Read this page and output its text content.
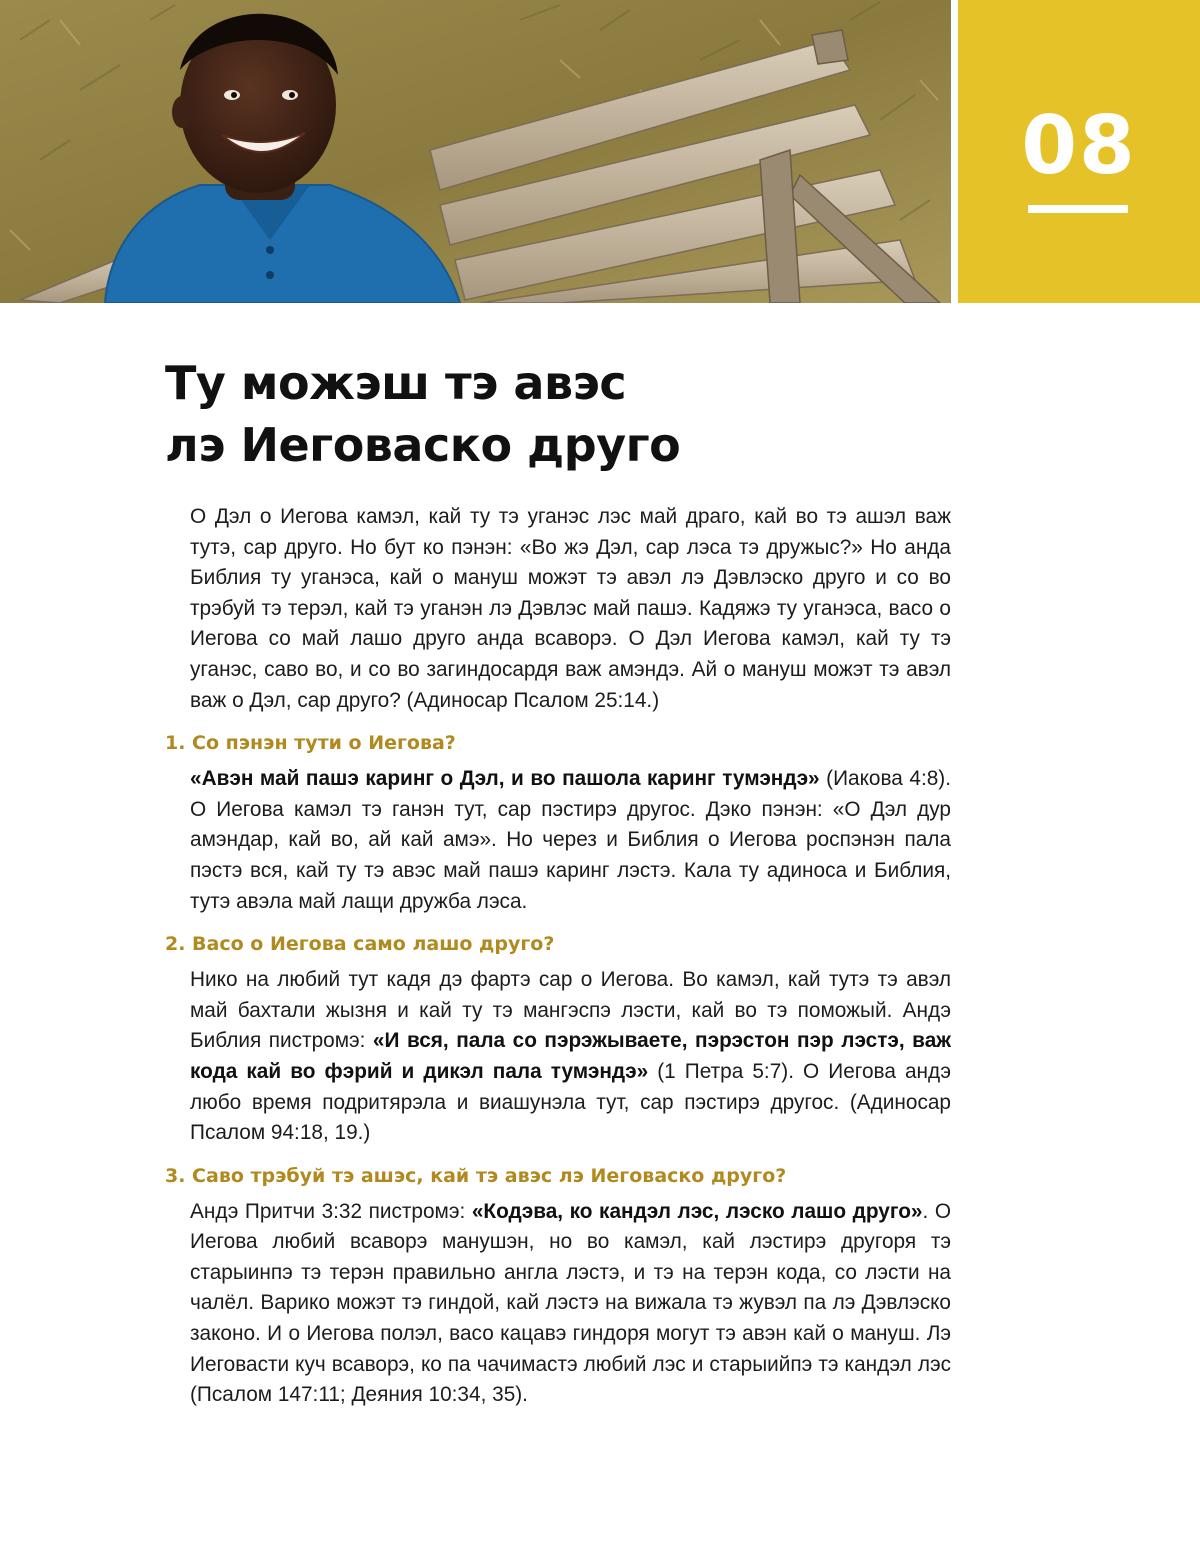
08
Ту можэш тэ авэс
лэ Иеговаско друго

О Дэл о Иегова камэл, кай ту тэ уганэс лэс май драго, кай во тэ ашэл важ тутэ, сар друго. Но бут ко пэнэн: «Во жэ Дэл, сар лэса тэ дружыс?» Но анда Библия ту уганэса, кай о мануш можэт тэ авэл лэ Дэвлэско друго и со во трэбуй тэ терэл, кай тэ уганэн лэ Дэвлэс май пашэ. Кадяжэ ту уганэса, васо о Иегова со май лашо друго анда всаворэ. О Дэл Иегова камэл, кай ту тэ уганэс, саво во, и со во загиндосардя важ амэндэ. Ай о мануш можэт тэ авэл важ о Дэл, сар друго? (Адиносар Псалом 25:14.)

1. Со пэнэн тути о Иегова?

«Авэн май пашэ каринг о Дэл, и во пашола каринг тумэндэ» (Иакова 4:8). О Иегова камэл тэ ганэн тут, сар пэстирэ другос. Дэко пэнэн: «О Дэл дур амэндар, кай во, ай кай амэ». Но через и Библия о Иегова роспэнэн пала пэстэ вся, кай ту тэ авэс май пашэ каринг лэстэ. Кала ту адиноса и Библия, тутэ авэла май лащи дружба лэса.

2. Васо о Иегова само лашо друго?

Нико на любий тут кадя дэ фартэ сар о Иегова. Во камэл, кай тутэ тэ авэл май бахтали жызня и кай ту тэ мангэспэ лэсти, кай во тэ поможый. Андэ Библия пистромэ: «И вся, пала со пэрэжываете, пэрэстон пэр лэстэ, важ кода кай во фэрий и дикэл пала тумэндэ» (1 Петра 5:7). О Иегова андэ любо время подритярэла и виашунэла тут, сар пэстирэ другос. (Адиносар Псалом 94:18, 19.)

3. Саво трэбуй тэ ашэс, кай тэ авэс лэ Иеговаско друго?

Андэ Притчи 3:32 пистромэ: «Кодэва, ко кандэл лэс, лэско лашо друго». О Иегова любий всаворэ манушэн, но во камэл, кай лэстирэ другоря тэ старыинпэ тэ терэн правильно англа лэстэ, и тэ на терэн кода, со лэсти на чалёл. Варико можэт тэ гиндой, кай лэстэ на вижала тэ жувэл па лэ Дэвлэско законо. И о Иегова полэл, васо кацавэ гиндоря могут тэ авэн кай о мануш. Лэ Иеговасти куч всаворэ, ко па чачимастэ любий лэс и старыийпэ тэ кандэл лэс (Псалом 147:11; Деяния 10:34, 35).
